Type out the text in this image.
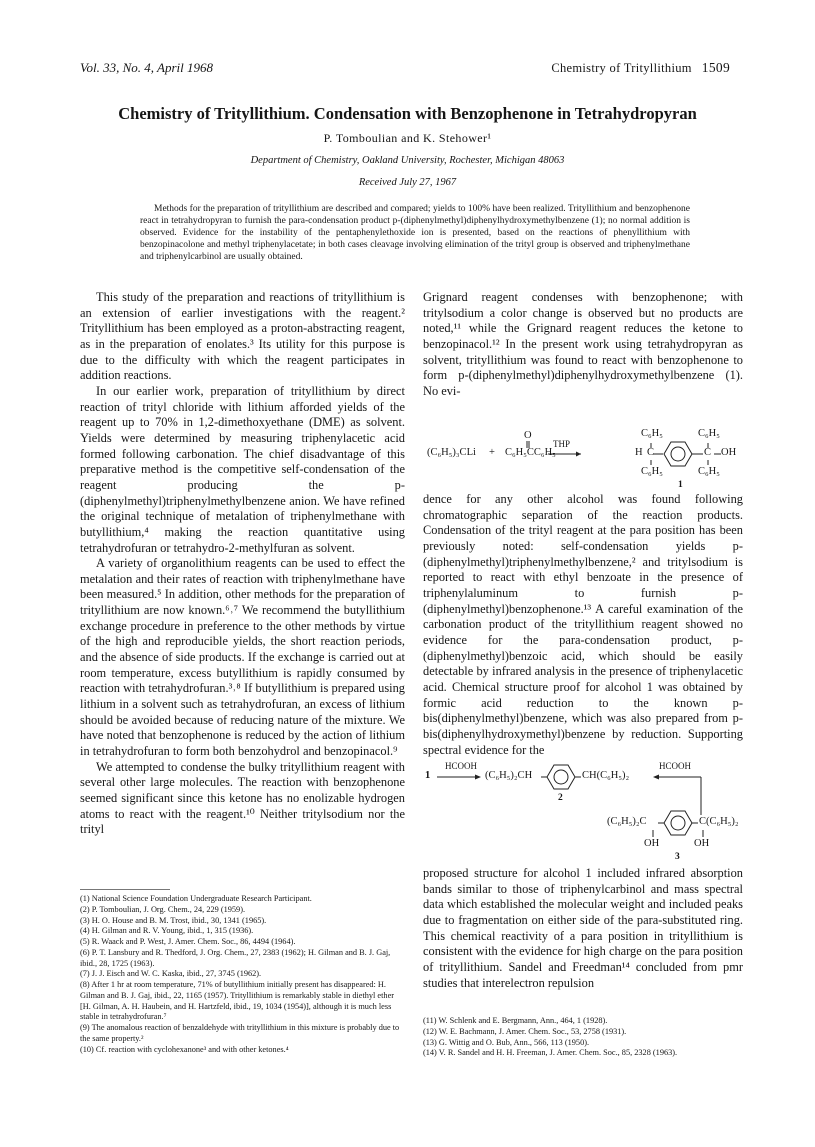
Vol. 33, No. 4, April 1968	Chemistry of Trityllithium 1509
Chemistry of Trityllithium. Condensation with Benzophenone in Tetrahydropyran
P. Tomboulian and K. Stehower¹
Department of Chemistry, Oakland University, Rochester, Michigan 48063
Received July 27, 1967

Methods for the preparation of trityllithium are described and compared; yields to 100% have been realized. Trityllithium and benzophenone react in tetrahydropyran to furnish the para-condensation product p-(diphenylmethyl)diphenylhydroxymethylbenzene (1); no normal addition is observed. Evidence for the instability of the pentaphenylethoxide ion is presented, based on the reactions of phenyllithium with benzopinacolone and methyl triphenylacetate; in both cases cleavage involving elimination of the trityl group is observed and triphenylmethane and triphenylcarbinol are usually obtained.

This study of the preparation and reactions of trityllithium is an extension of earlier investigations with the reagent.² Trityllithium has been employed as a proton-abstracting reagent, as in the preparation of enolates.³ Its utility for this purpose is due to the difficulty with which the reagent participates in addition reactions.

In our earlier work, preparation of trityllithium by direct reaction of trityl chloride with lithium afforded yields of the reagent up to 70% in 1,2-dimethoxyethane (DME) as solvent. Yields were determined by measuring triphenylacetic acid formed following carbonation. The chief disadvantage of this preparative method is the competitive self-condensation of the reagent producing the p-(diphenylmethyl)triphenylmethylbenzene anion. We have refined the original technique of metalation of triphenylmethane with butyllithium,⁴ making the reaction quantitative using tetrahydrofuran or tetrahydro-2-methylfuran as solvent.

A variety of organolithium reagents can be used to effect the metalation and their rates of reaction with triphenylmethane have been measured.⁵ In addition, other methods for the preparation of trityllithium are now known.⁶˒⁷ We recommend the butyllithium exchange procedure in preference to the other methods by virtue of the high and reproducible yields, the short reaction periods, and the absence of side products. If the exchange is carried out at room temperature, excess butyllithium is rapidly consumed by reaction with tetrahydrofuran.³˒⁸ If butyllithium is prepared using lithium in a solvent such as tetrahydrofuran, an excess of lithium should be avoided because of reducing nature of the mixture. We have noted that benzophenone is reduced by the action of lithium in tetrahydrofuran to form both benzohydrol and benzopinacol.⁹

We attempted to condense the bulky trityllithium reagent with several other large molecules. The reaction with benzophenone seemed significant since this ketone has no enolizable hydrogen atoms to react with the reagent.¹⁰ Neither tritylsodium nor the trityl

Grignard reagent condenses with benzophenone; with tritylsodium a color change is observed but no products are noted,¹¹ while the Grignard reagent reduces the ketone to benzopinacol.¹² In the present work using tetrahydropyran as solvent, trityllithium was found to react with benzophenone to form p-(diphenylmethyl)diphenylhydroxymethylbenzene (1). No evi-

(C₆H₅)₃CLi + C₆H₅CC₆H₅
O
THP
H C	C OH
C₆H₅
C₆H₅
C₆H₅
C₆H₅
1

dence for any other alcohol was found following chromatographic separation of the reaction products. Condensation of the trityl reagent at the para position has been previously noted: self-condensation yields p-(diphenylmethyl)triphenylmethylbenzene,² and tritylsodium is reported to react with ethyl benzoate in the presence of triphenylaluminum to furnish p-(diphenylmethyl)benzophenone.¹³ A careful examination of the carbonation product of the trityllithium reagent showed no evidence for the para-condensation product, p-(diphenylmethyl)benzoic acid, which should be easily detectable by infrared analysis in the presence of triphenylacetic acid. Chemical structure proof for alcohol 1 was obtained by formic acid reduction to the known p-bis(diphenylmethyl)benzene, which was also prepared from p-bis(diphenylhydroxymethyl)benzene by reduction. Supporting spectral evidence for the

1
HCOOH
(C₆H₅)₂CH	CH(C₆H₅)₂
HCOOH
2
(C₆H₅)₂C	C(C₆H₅)₂
OH	OH
3

proposed structure for alcohol 1 included infrared absorption bands similar to those of triphenylcarbinol and mass spectral data which established the molecular weight and included peaks due to fragmentation on either side of the para-substituted ring. This chemical reactivity of a para position in trityllithium is consistent with the evidence for high charge on the para position of trityllithium. Sandel and Freedman¹⁴ concluded from pmr studies that interelectron repulsion

(1) National Science Foundation Undergraduate Research Participant.
(2) P. Tomboulian, J. Org. Chem., 24, 229 (1959).
(3) H. O. House and B. M. Trost, ibid., 30, 1341 (1965).
(4) H. Gilman and R. V. Young, ibid., 1, 315 (1936).
(5) R. Waack and P. West, J. Amer. Chem. Soc., 86, 4494 (1964).
(6) P. T. Lansbury and R. Thedford, J. Org. Chem., 27, 2383 (1962); H. Gilman and B. J. Gaj, ibid., 28, 1725 (1963).
(7) J. J. Eisch and W. C. Kaska, ibid., 27, 3745 (1962).
(8) After 1 hr at room temperature, 71% of butyllithium initially present has disappeared: H. Gilman and B. J. Gaj, ibid., 22, 1165 (1957). Trityllithium is remarkably stable in diethyl ether [H. Gilman, A. H. Haubein, and H. Hartzfeld, ibid., 19, 1034 (1954)], although it is much less stable in tetrahydrofuran.⁷
(9) The anomalous reaction of benzaldehyde with trityllithium in this mixture is probably due to the same property.²
(10) Cf. reaction with cyclohexanone³ and with other ketones.⁴
(11) W. Schlenk and E. Bergmann, Ann., 464, 1 (1928).
(12) W. E. Bachmann, J. Amer. Chem. Soc., 53, 2758 (1931).
(13) G. Wittig and O. Bub, Ann., 566, 113 (1950).
(14) V. R. Sandel and H. H. Freeman, J. Amer. Chem. Soc., 85, 2328 (1963).
